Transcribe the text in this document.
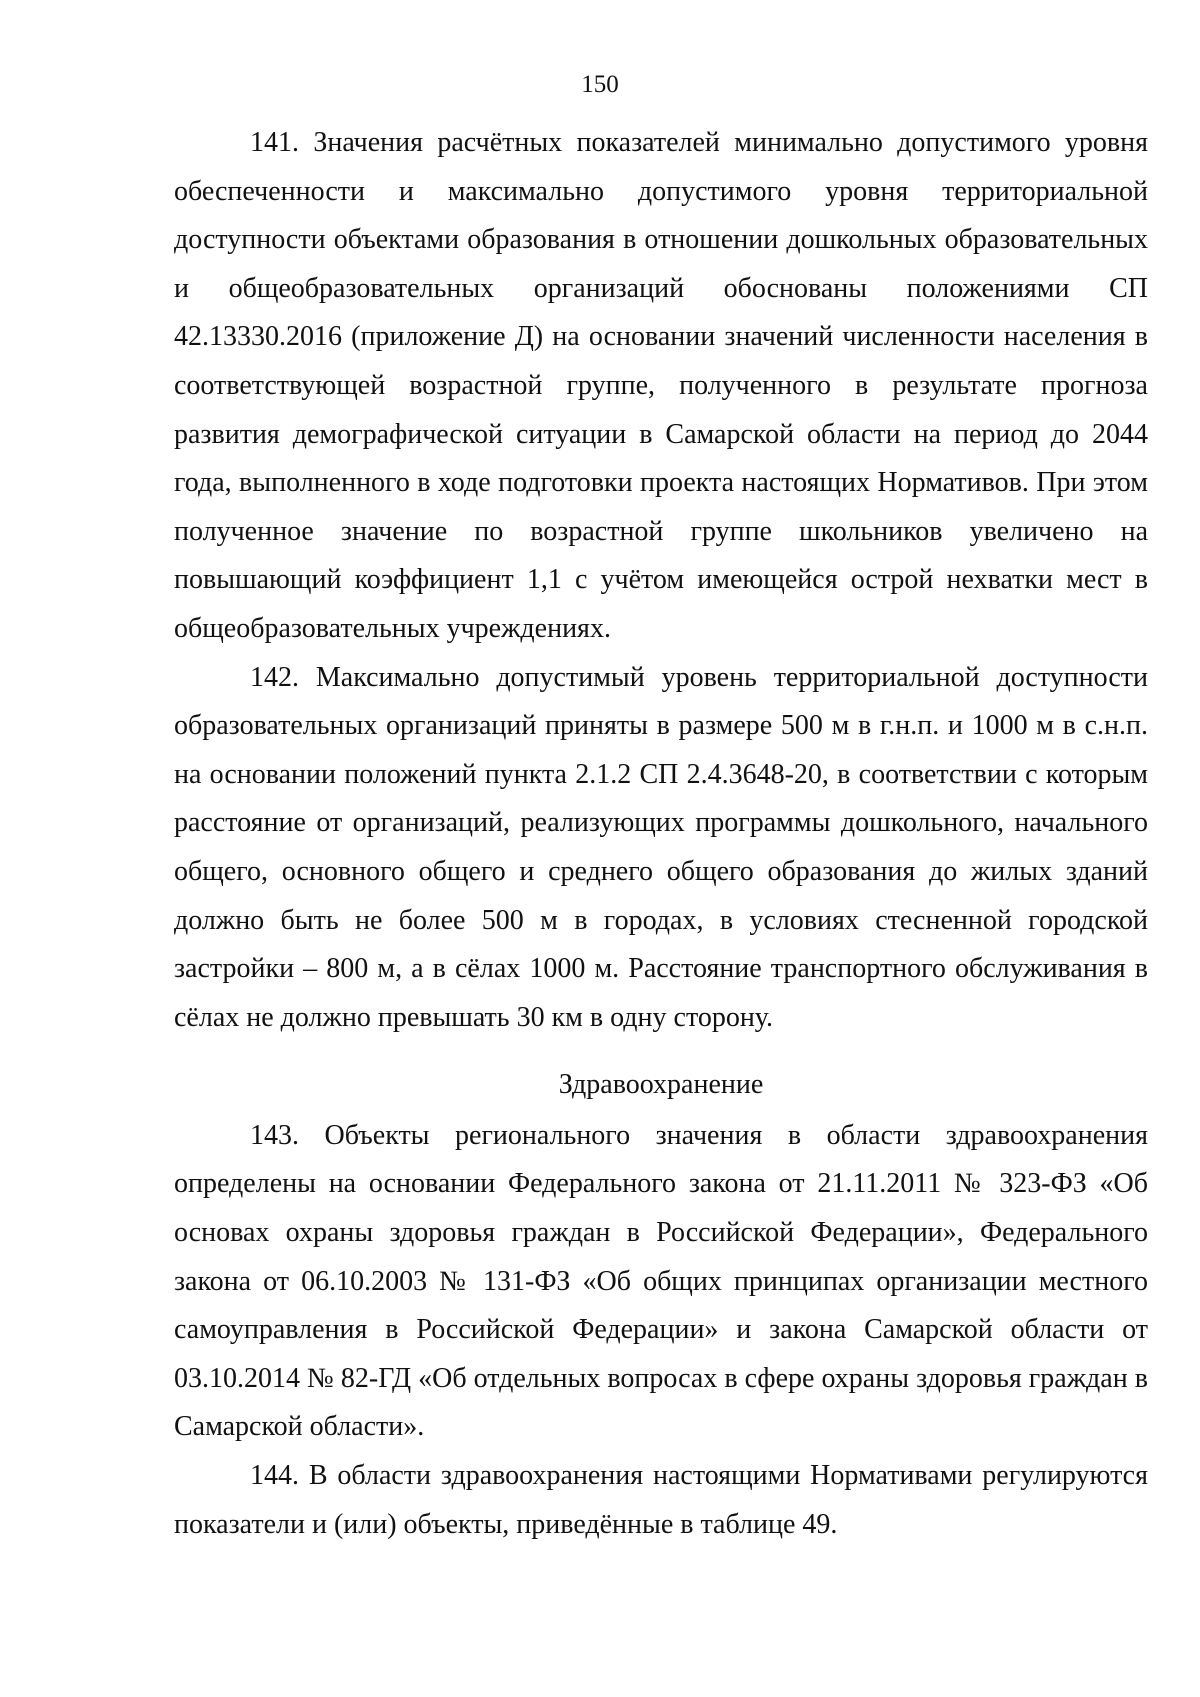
150

141. Значения расчётных показателей минимально допустимого уровня обеспеченности и максимально допустимого уровня территориальной доступности объектами образования в отношении дошкольных образовательных и общеобразовательных организаций обоснованы положениями СП 42.13330.2016 (приложение Д) на основании значений численности населения в соответствующей возрастной группе, полученного в результате прогноза развития демографической ситуации в Самарской области на период до 2044 года, выполненного в ходе подготовки проекта настоящих Нормативов. При этом полученное значение по возрастной группе школьников увеличено на повышающий коэффициент 1,1 с учётом имеющейся острой нехватки мест в общеобразовательных учреждениях.

142. Максимально допустимый уровень территориальной доступности образовательных организаций приняты в размере 500 м в г.н.п. и 1000 м в с.н.п. на основании положений пункта 2.1.2 СП 2.4.3648-20, в соответствии с которым расстояние от организаций, реализующих программы дошкольного, начального общего, основного общего и среднего общего образования до жилых зданий должно быть не более 500 м в городах, в условиях стесненной городской застройки – 800 м, а в сёлах 1000 м. Расстояние транспортного обслуживания в сёлах не должно превышать 30 км в одну сторону.

Здравоохранение

143. Объекты регионального значения в области здравоохранения определены на основании Федерального закона от 21.11.2011 № 323-ФЗ «Об основах охраны здоровья граждан в Российской Федерации», Федерального закона от 06.10.2003 № 131-ФЗ «Об общих принципах организации местного самоуправления в Российской Федерации» и закона Самарской области от 03.10.2014 № 82-ГД «Об отдельных вопросах в сфере охраны здоровья граждан в Самарской области».

144. В области здравоохранения настоящими Нормативами регулируются показатели и (или) объекты, приведённые в таблице 49.
